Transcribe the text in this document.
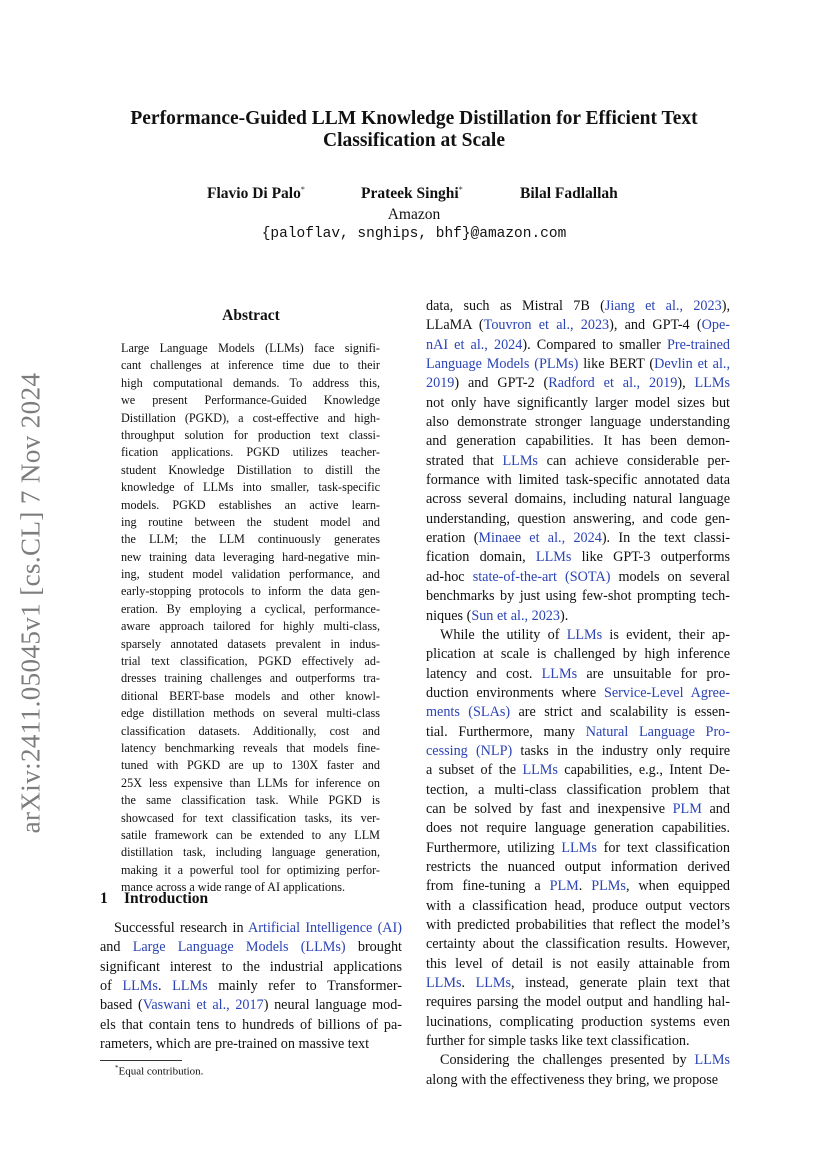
Performance-Guided LLM Knowledge Distillation for Efficient Text
Classification at Scale
Flavio Di Palo*	Prateek Singhi*	Bilal Fadlallah
Amazon
{paloflav, snghips, bhf}@amazon.com
arXiv:2411.05045v1 [cs.CL] 7 Nov 2024
Abstract
Large Language Models (LLMs) face signifi-
cant challenges at inference time due to their
high computational demands. To address this,
we present Performance-Guided Knowledge
Distillation (PGKD), a cost-effective and high-
throughput solution for production text classi-
fication applications. PGKD utilizes teacher-
student Knowledge Distillation to distill the
knowledge of LLMs into smaller, task-specific
models. PGKD establishes an active learn-
ing routine between the student model and
the LLM; the LLM continuously generates
new training data leveraging hard-negative min-
ing, student model validation performance, and
early-stopping protocols to inform the data gen-
eration. By employing a cyclical, performance-
aware approach tailored for highly multi-class,
sparsely annotated datasets prevalent in indus-
trial text classification, PGKD effectively ad-
dresses training challenges and outperforms tra-
ditional BERT-base models and other knowl-
edge distillation methods on several multi-class
classification datasets. Additionally, cost and
latency benchmarking reveals that models fine-
tuned with PGKD are up to 130X faster and
25X less expensive than LLMs for inference on
the same classification task. While PGKD is
showcased for text classification tasks, its ver-
satile framework can be extended to any LLM
distillation task, including language generation,
making it a powerful tool for optimizing perfor-
mance across a wide range of AI applications.
1 Introduction
Successful research in Artificial Intelligence (AI)
and Large Language Models (LLMs) brought
significant interest to the industrial applications
of LLMs. LLMs mainly refer to Transformer-
based (Vaswani et al., 2017) neural language mod-
els that contain tens to hundreds of billions of pa-
rameters, which are pre-trained on massive text
data, such as Mistral 7B (Jiang et al., 2023),
LLaMA (Touvron et al., 2023), and GPT-4 (Ope-
nAI et al., 2024). Compared to smaller Pre-trained
Language Models (PLMs) like BERT (Devlin et al.,
2019) and GPT-2 (Radford et al., 2019), LLMs
not only have significantly larger model sizes but
also demonstrate stronger language understanding
and generation capabilities. It has been demon-
strated that LLMs can achieve considerable per-
formance with limited task-specific annotated data
across several domains, including natural language
understanding, question answering, and code gen-
eration (Minaee et al., 2024). In the text classi-
fication domain, LLMs like GPT-3 outperforms
ad-hoc state-of-the-art (SOTA) models on several
benchmarks by just using few-shot prompting tech-
niques (Sun et al., 2023).
While the utility of LLMs is evident, their ap-
plication at scale is challenged by high inference
latency and cost. LLMs are unsuitable for pro-
duction environments where Service-Level Agree-
ments (SLAs) are strict and scalability is essen-
tial. Furthermore, many Natural Language Pro-
cessing (NLP) tasks in the industry only require
a subset of the LLMs capabilities, e.g., Intent De-
tection, a multi-class classification problem that
can be solved by fast and inexpensive PLM and
does not require language generation capabilities.
Furthermore, utilizing LLMs for text classification
restricts the nuanced output information derived
from fine-tuning a PLM. PLMs, when equipped
with a classification head, produce output vectors
with predicted probabilities that reflect the model’s
certainty about the classification results. However,
this level of detail is not easily attainable from
LLMs. LLMs, instead, generate plain text that
requires parsing the model output and handling hal-
lucinations, complicating production systems even
further for simple tasks like text classification.
Considering the challenges presented by LLMs
along with the effectiveness they bring, we propose
*Equal contribution.
